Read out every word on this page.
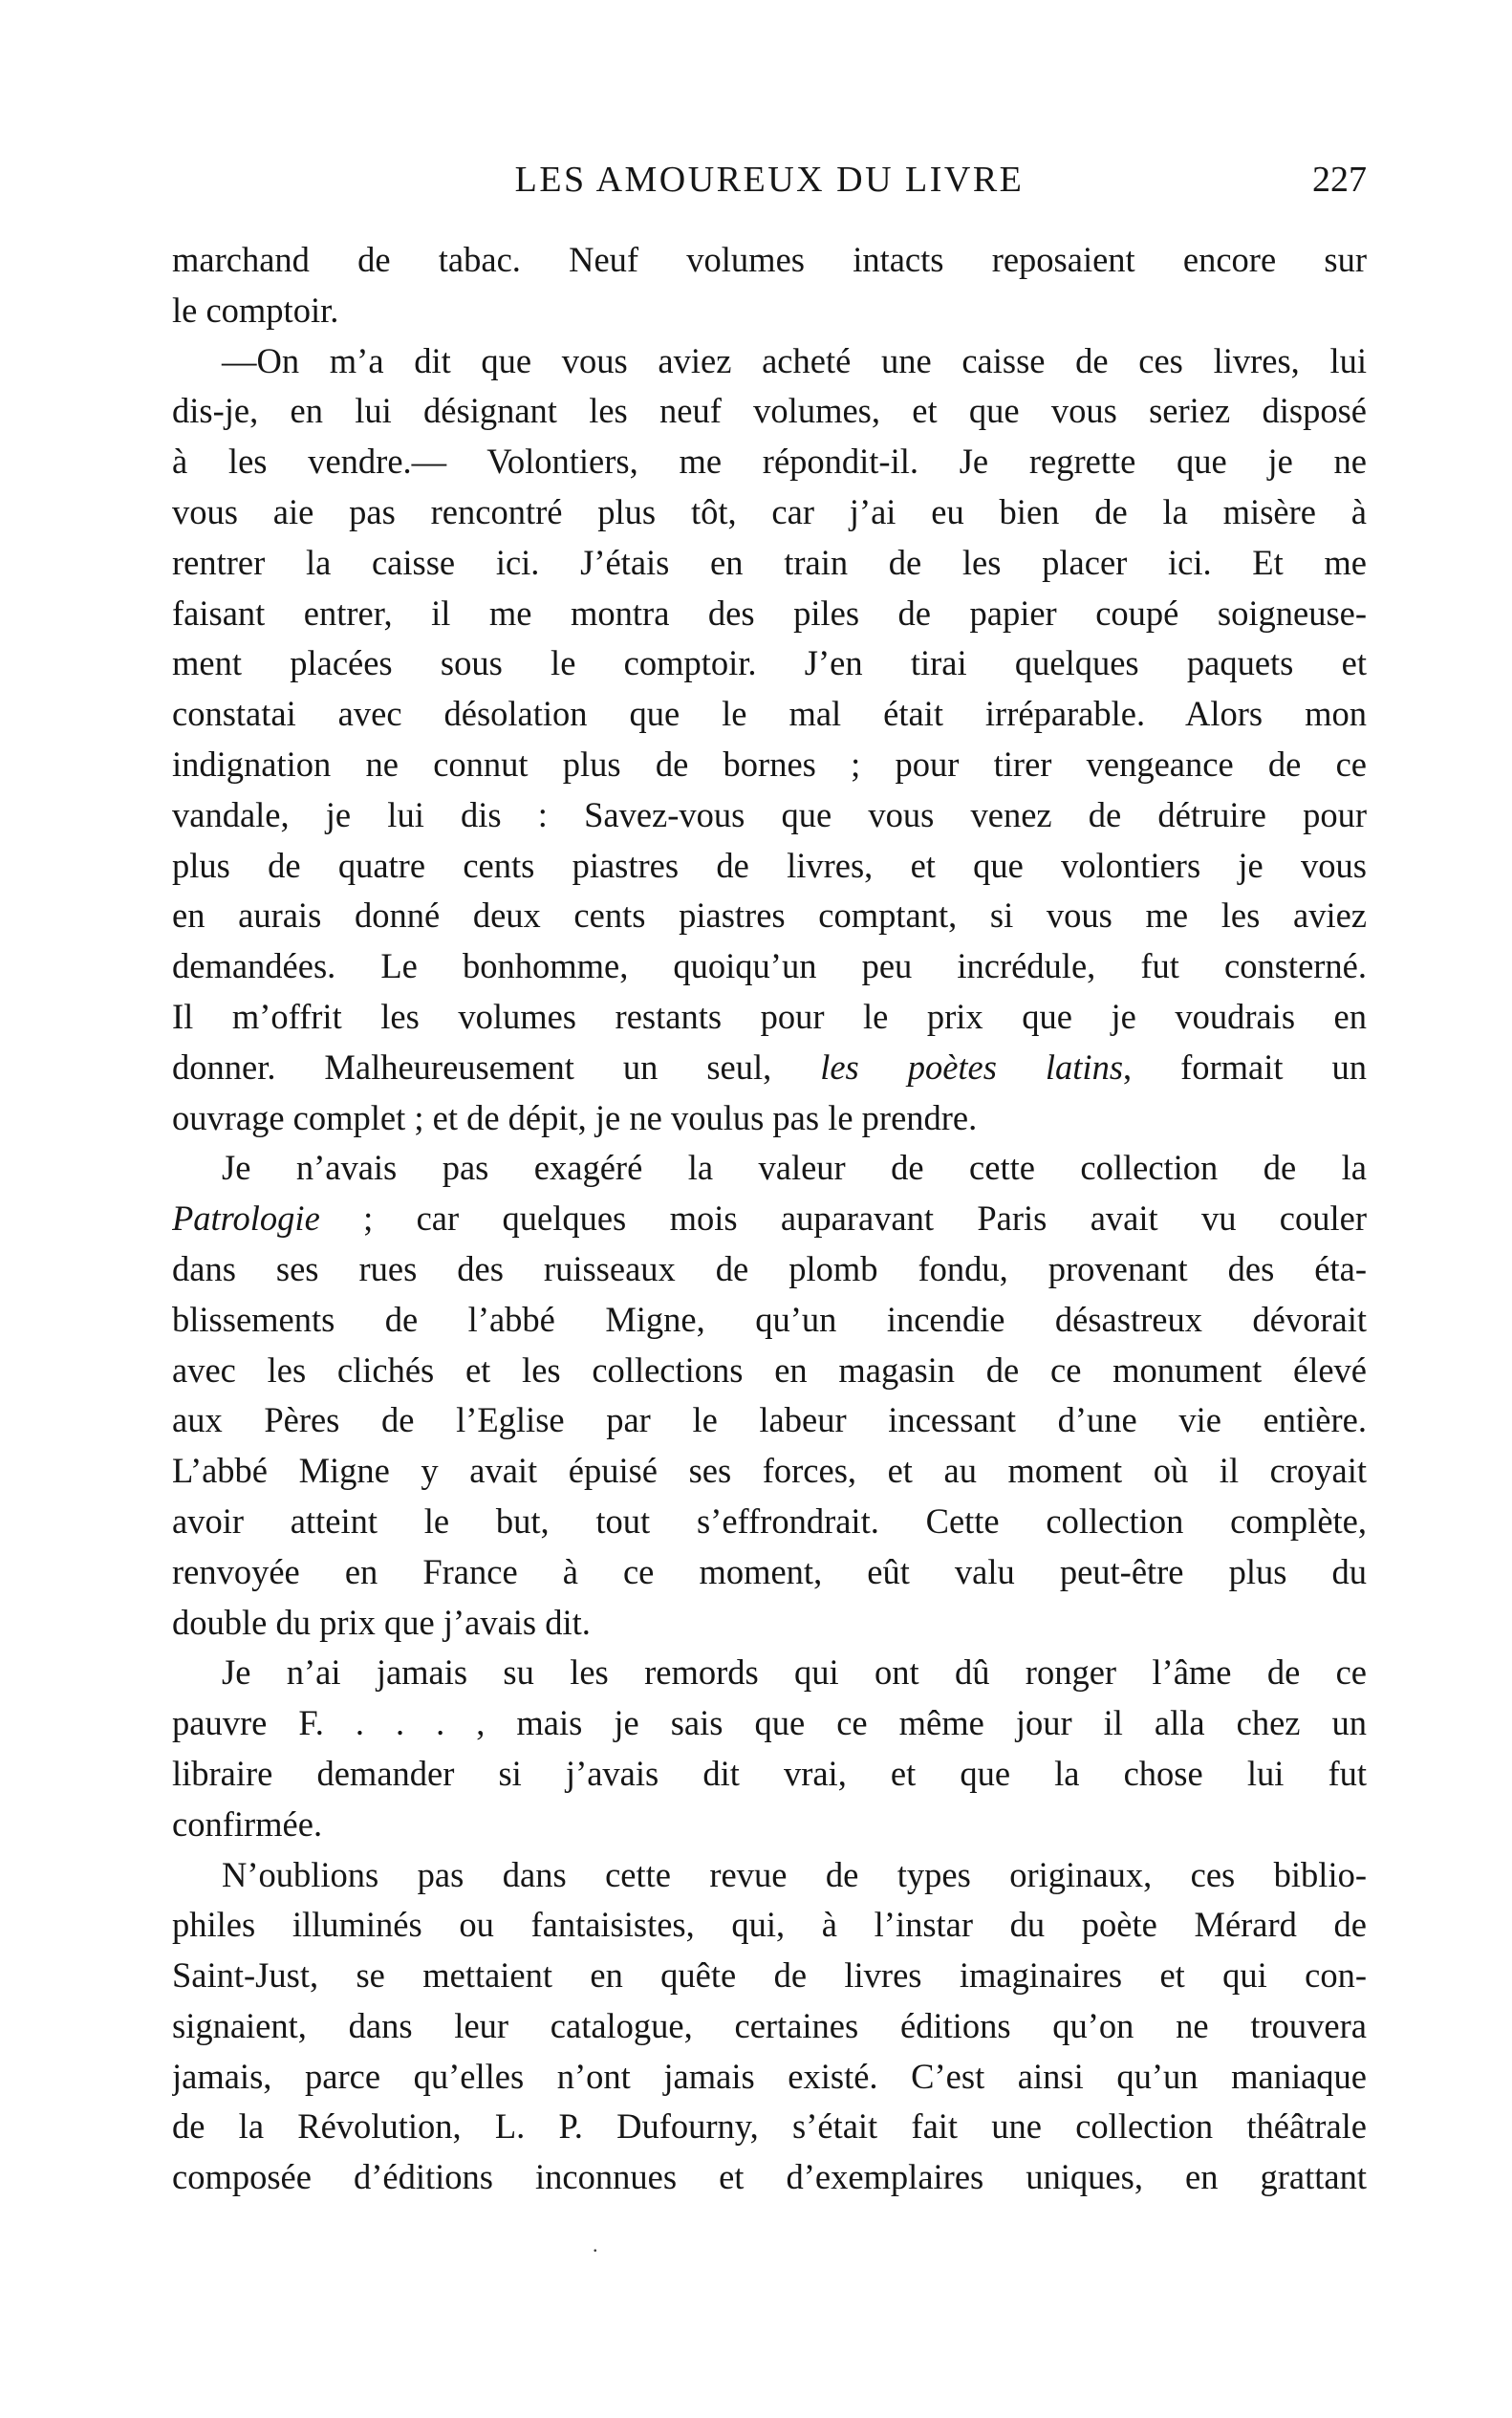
LES AMOUREUX DU LIVRE	227
marchand de tabac. Neuf volumes intacts reposaient encore sur
le comptoir.
—On m’a dit que vous aviez acheté une caisse de ces livres, lui
dis-je, en lui désignant les neuf volumes, et que vous seriez disposé
à les vendre.— Volontiers, me répondit-il. Je regrette que je ne
vous aie pas rencontré plus tôt, car j’ai eu bien de la misère à
rentrer la caisse ici. J’étais en train de les placer ici. Et me
faisant entrer, il me montra des piles de papier coupé soigneuse-
ment placées sous le comptoir. J’en tirai quelques paquets et
constatai avec désolation que le mal était irréparable. Alors mon
indignation ne connut plus de bornes ; pour tirer vengeance de ce
vandale, je lui dis : Savez-vous que vous venez de détruire pour
plus de quatre cents piastres de livres, et que volontiers je vous
en aurais donné deux cents piastres comptant, si vous me les aviez
demandées. Le bonhomme, quoiqu’un peu incrédule, fut consterné.
Il m’offrit les volumes restants pour le prix que je voudrais en
donner. Malheureusement un seul, les poètes latins, formait un
ouvrage complet ; et de dépit, je ne voulus pas le prendre.
Je n’avais pas exagéré la valeur de cette collection de la
Patrologie ; car quelques mois auparavant Paris avait vu couler
dans ses rues des ruisseaux de plomb fondu, provenant des éta-
blissements de l’abbé Migne, qu’un incendie désastreux dévorait
avec les clichés et les collections en magasin de ce monument élevé
aux Pères de l’Eglise par le labeur incessant d’une vie entière.
L’abbé Migne y avait épuisé ses forces, et au moment où il croyait
avoir atteint le but, tout s’effrondrait. Cette collection complète,
renvoyée en France à ce moment, eût valu peut-être plus du
double du prix que j’avais dit.
Je n’ai jamais su les remords qui ont dû ronger l’âme de ce
pauvre F. . . . , mais je sais que ce même jour il alla chez un
libraire demander si j’avais dit vrai, et que la chose lui fut
confirmée.
N’oublions pas dans cette revue de types originaux, ces biblio-
philes illuminés ou fantaisistes, qui, à l’instar du poète Mérard de
Saint-Just, se mettaient en quête de livres imaginaires et qui con-
signaient, dans leur catalogue, certaines éditions qu’on ne trouvera
jamais, parce qu’elles n’ont jamais existé. C’est ainsi qu’un maniaque
de la Révolution, L. P. Dufourny, s’était fait une collection théâtrale
composée d’éditions inconnues et d’exemplaires uniques, en grattant
.
